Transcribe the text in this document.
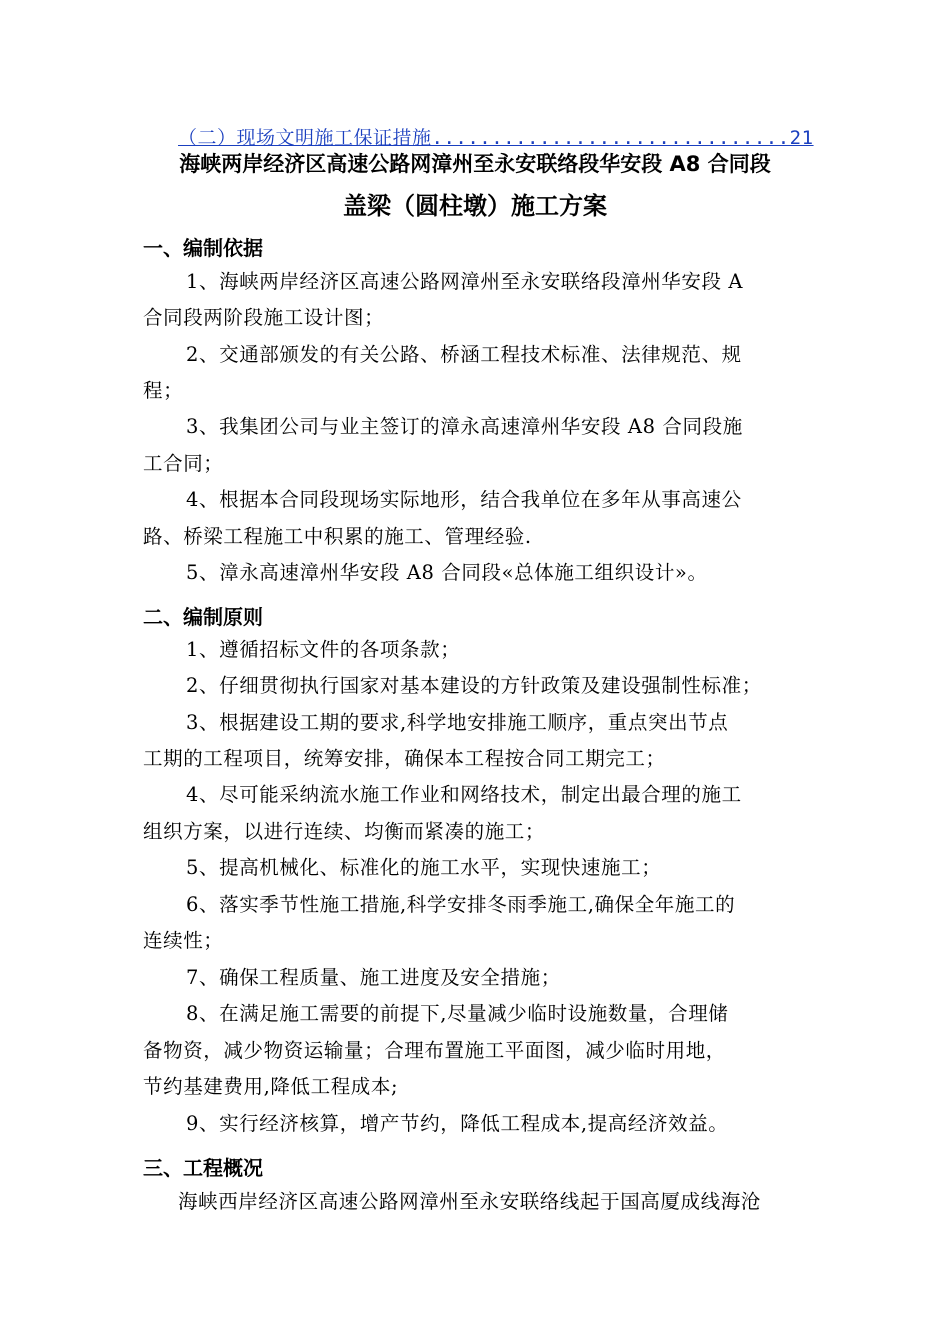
（二）现场文明施工保证措施..............................21
海峡两岸经济区高速公路网漳州至永安联络段华安段 A8 合同段
盖梁（圆柱墩）施工方案
一、编制依据
1、海峡两岸经济区高速公路网漳州至永安联络段漳州华安段 A
合同段两阶段施工设计图；
2、交通部颁发的有关公路、桥涵工程技术标准、法律规范、规
程；
3、我集团公司与业主签订的漳永高速漳州华安段 A8 合同段施
工合同；
4、根据本合同段现场实际地形，结合我单位在多年从事高速公
路、桥梁工程施工中积累的施工、管理经验.
5、漳永高速漳州华安段 A8 合同段«总体施工组织设计»。
二、编制原则
1、遵循招标文件的各项条款；
2、仔细贯彻执行国家对基本建设的方针政策及建设强制性标准；
3、根据建设工期的要求,科学地安排施工顺序，重点突出节点
工期的工程项目，统筹安排，确保本工程按合同工期完工；
4、尽可能采纳流水施工作业和网络技术，制定出最合理的施工
组织方案，以进行连续、均衡而紧凑的施工；
5、提高机械化、标准化的施工水平，实现快速施工；
6、落实季节性施工措施,科学安排冬雨季施工,确保全年施工的
连续性；
7、确保工程质量、施工进度及安全措施；
8、在满足施工需要的前提下,尽量减少临时设施数量，合理储
备物资，减少物资运输量；合理布置施工平面图，减少临时用地，
节约基建费用,降低工程成本;
9、实行经济核算，增产节约，降低工程成本,提高经济效益。
三、工程概况
海峡西岸经济区高速公路网漳州至永安联络线起于国高厦成线海沧
